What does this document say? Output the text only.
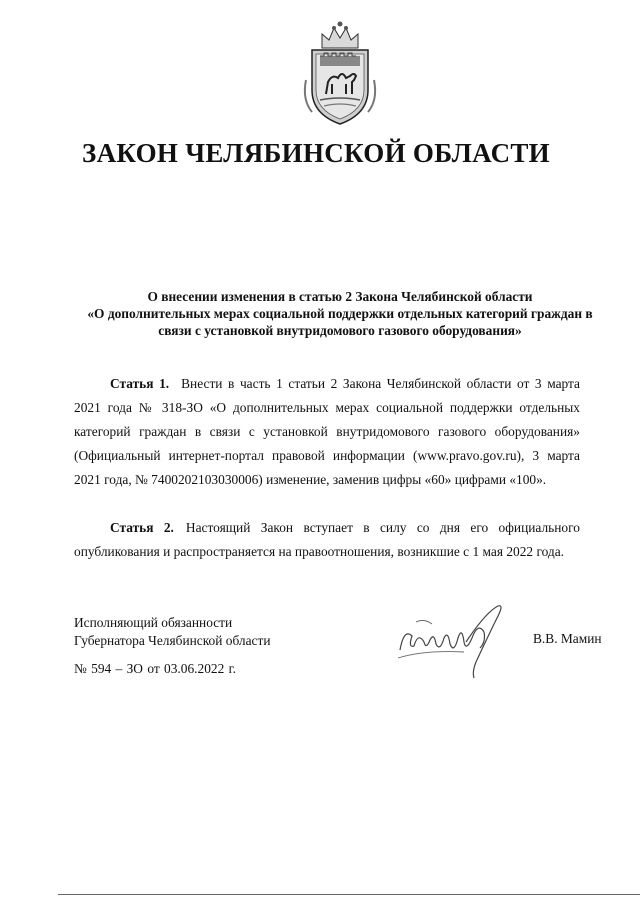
ЗАКОН ЧЕЛЯБИНСКОЙ ОБЛАСТИ
О внесении изменения в статью 2 Закона Челябинской области
«О дополнительных мерах социальной поддержки отдельных категорий граждан в
связи с установкой внутридомового газового оборудования»
Статья 1. Внести в часть 1 статьи 2 Закона Челябинской области от 3 марта
2021 года № 318-ЗО «О дополнительных мерах социальной поддержки отдельных
категорий граждан в связи с установкой внутридомового газового оборудования»
(Официальный интернет-портал правовой информации (www.pravo.gov.ru), 3 марта
2021 года, № 7400202103030006) изменение, заменив цифры «60» цифрами «100».
Статья 2. Настоящий Закон вступает в силу со дня его официального
опубликования и распространяется на правоотношения, возникшие с 1 мая 2022 года.
Исполняющий обязанности
Губернатора Челябинской области	В.В. Мамин
№ 594 – ЗО от 03.06.2022 г.
